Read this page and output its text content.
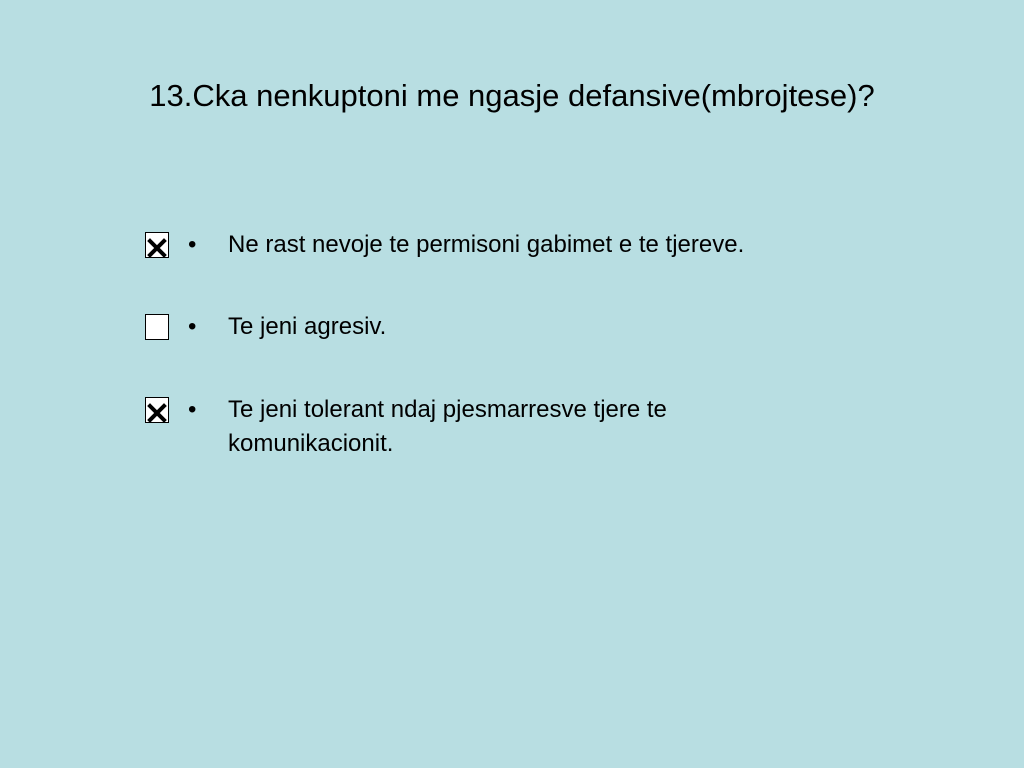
13.Cka nenkuptoni me ngasje defansive(mbrojtese)?
• Ne rast nevoje te permisoni gabimet e te tjereve.
• Te jeni agresiv.
• Te jeni tolerant ndaj pjesmarresve tjere te komunikacionit.
